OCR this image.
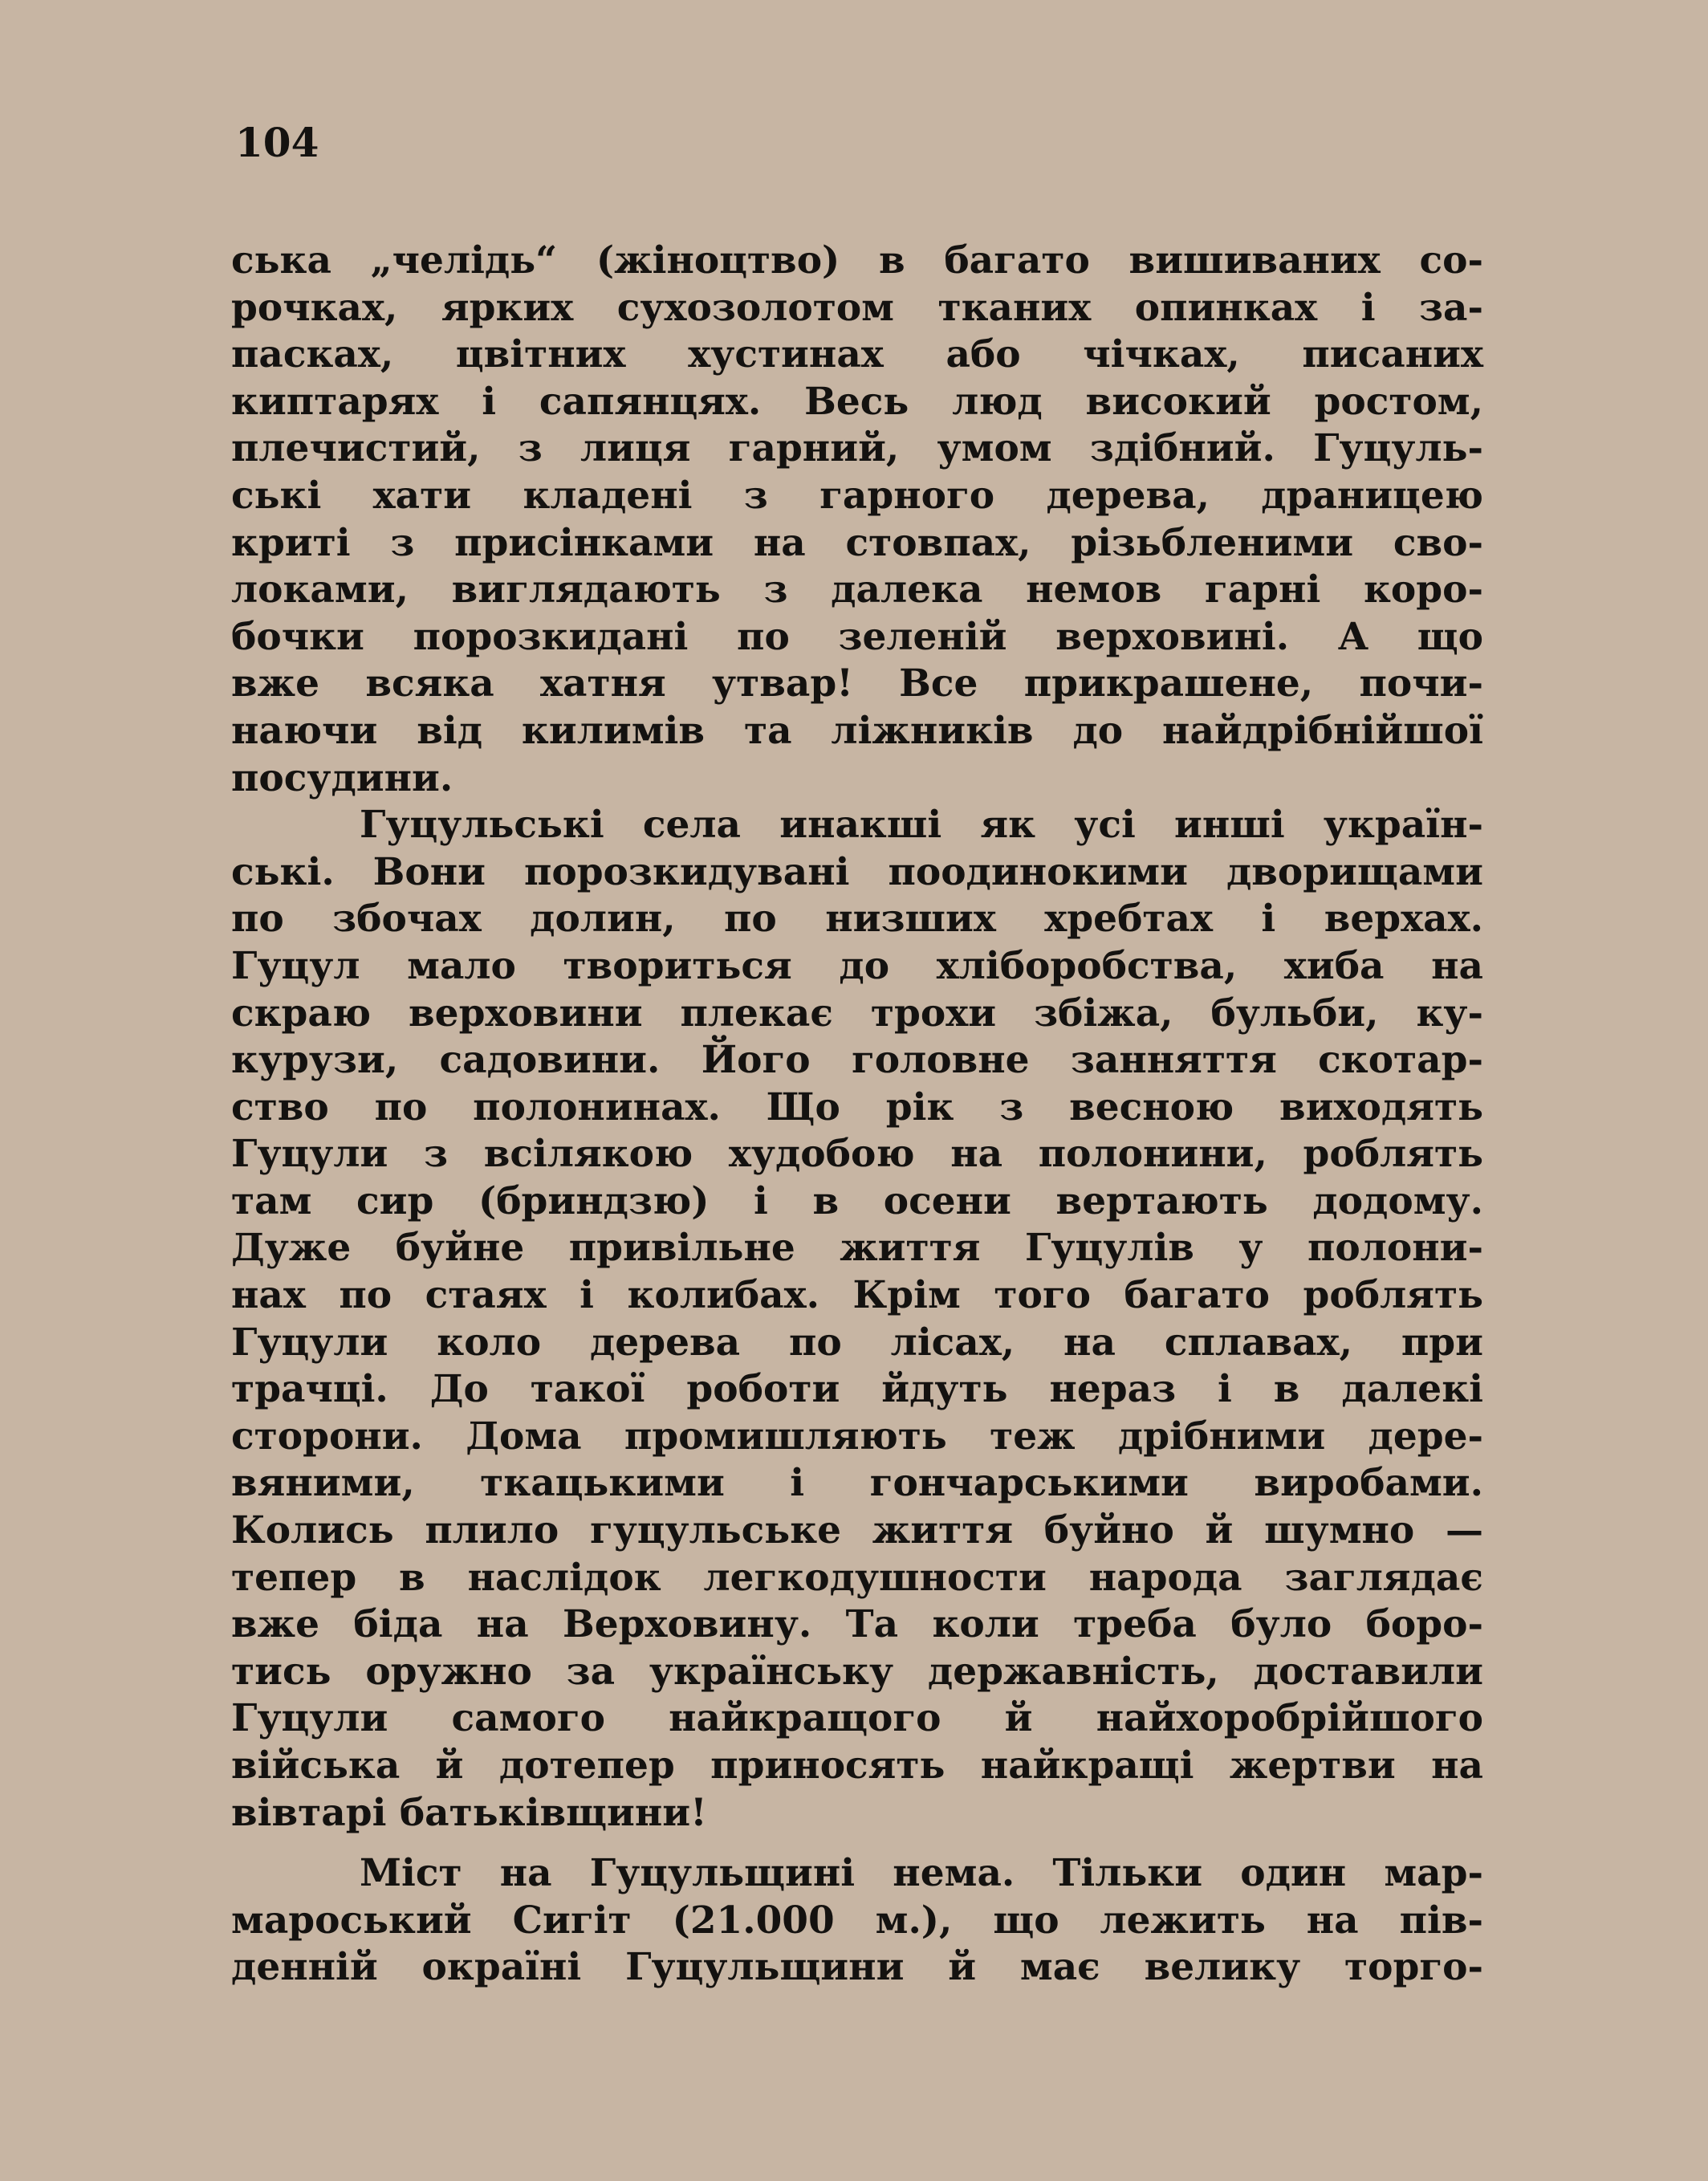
104
ська „челідь“ (жіноцтво) в багато вишиваних со-
рочках, ярких сухозолотом тканих опинках і за-
пасках, цвітних хустинах або чічках, писаних
киптарях і сапянцях. Весь люд високий ростом,
плечистий, з лиця гарний, умом здібний. Гуцуль-
ські хати кладені з гарного дерева, драницею
криті з присінками на стовпах, різьбленими сво-
локами, виглядають з далека немов гарні коро-
бочки порозкидані по зеленій верховині. А що
вже всяка хатня утвар! Все прикрашене, почи-
наючи від килимів та ліжників до найдрібнійшої
посудини.
Гуцульські села инакші як усі инші україн-
ські. Вони порозкидувані поодинокими дворищами
по збочах долин, по низших хребтах і верхах.
Гуцул мало твориться до хліборобства, хиба на
скраю верховини плекає трохи збіжа, бульби, ку-
курузи, садовини. Його головне занняття скотар-
ство по полонинах. Що рік з весною виходять
Гуцули з всілякою худобою на полонини, роблять
там сир (бриндзю) і в осени вертають додому.
Дуже буйне привільне життя Гуцулів у полони-
нах по стаях і колибах. Крім того багато роблять
Гуцули коло дерева по лісах, на сплавах, при
трачці. До такої роботи йдуть нераз і в далекі
сторони. Дома промишляють теж дрібними дере-
вяними, ткацькими і гончарськими виробами.
Колись плило гуцульське життя буйно й шумно —
тепер в наслідок легкодушности народа заглядає
вже біда на Верховину. Та коли треба було боро-
тись оружно за українську державність, доставили
Гуцули самого найкращого й найхоробрійшого
війська й дотепер приносять найкращі жертви на
вівтарі батьківщини!
Міст на Гуцульщині нема. Тільки один мар-
мароський Сигіт (21.000 м.), що лежить на пів-
денній окраїні Гуцульщини й має велику торго-
